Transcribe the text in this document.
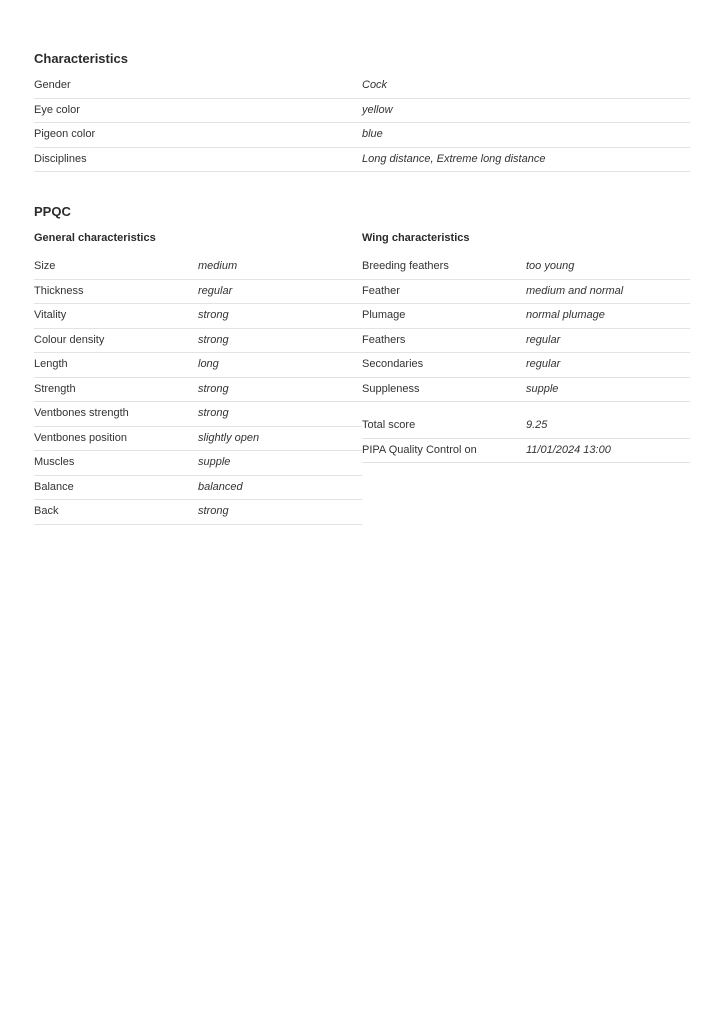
Characteristics
Gender	Cock
Eye color	yellow
Pigeon color	blue
Disciplines	Long distance, Extreme long distance
PPQC
General characteristics	Wing characteristics
Size	medium
Thickness	regular
Vitality	strong
Colour density	strong
Length	long
Strength	strong
Ventbones strength	strong
Ventbones position	slightly open
Muscles	supple
Balance	balanced
Back	strong
Breeding feathers	too young
Feather	medium and normal
Plumage	normal plumage
Feathers	regular
Secondaries	regular
Suppleness	supple
Total score	9.25
PIPA Quality Control on	11/01/2024 13:00
